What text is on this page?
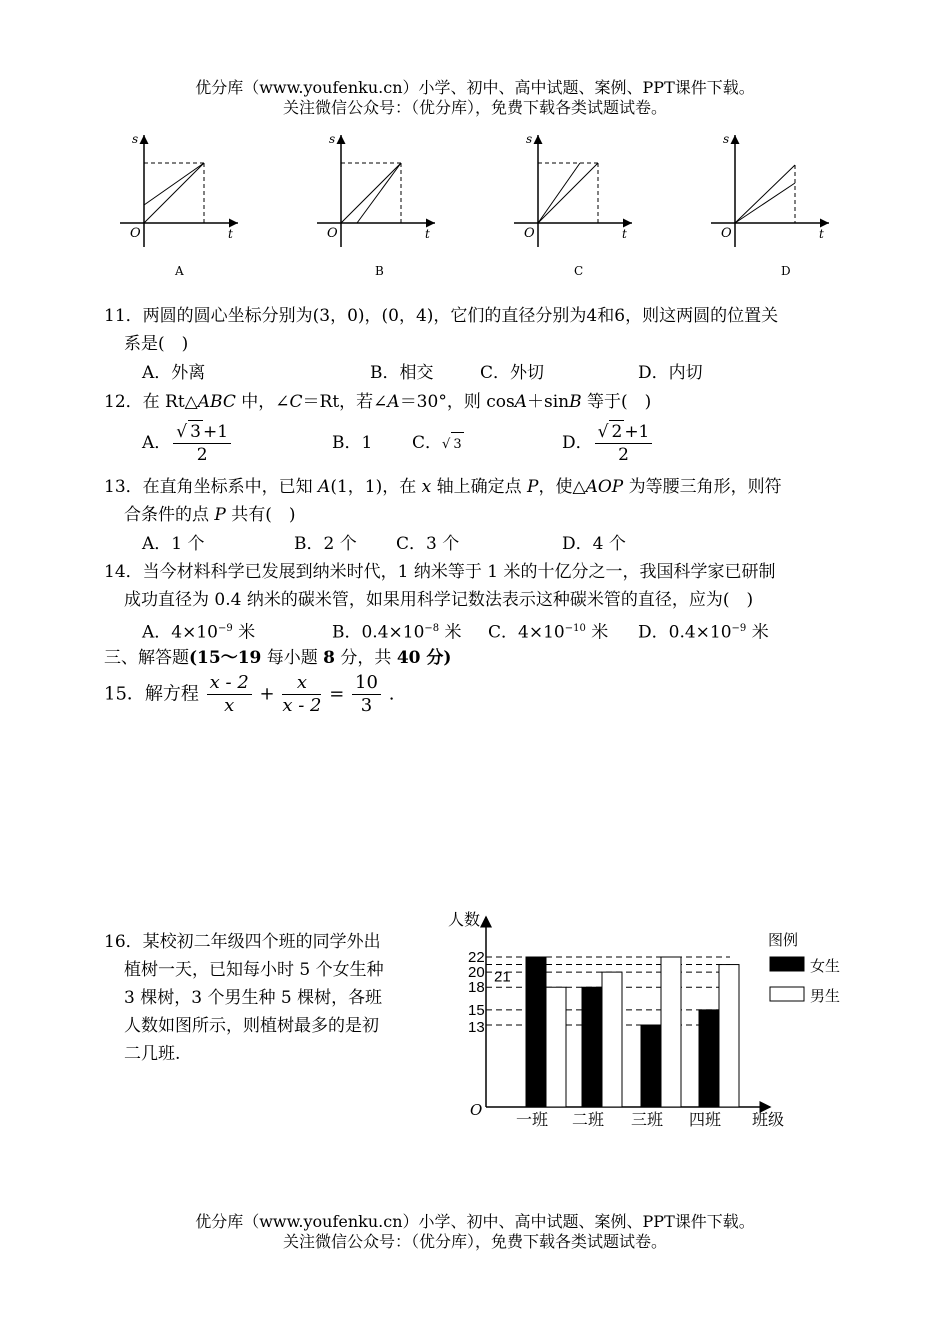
优分库（www.youfenku.cn）小学、初中、高中试题、案例、PPT课件下载。
关注微信公众号：（优分库），免费下载各类试题试卷。
s
t
O
A
s
t
O
B
s
t
O
C
s
t
O
D
11．两圆的圆心坐标分别为(3，0)，(0，4)，它们的直径分别为4和6，则这两圆的位置关
系是(　)
A．外离	B．相交	C．外切	D．内切
12．在 Rt△ABC 中，∠C＝Rt，若∠A＝30°，则 cosA＋sinB 等于(　)
A． $\frac{√ 3 +1}{2}$	B．1 C．√ 3	D． $\frac{√ 2 +1}{2}$
13．在直角坐标系中，已知 A(1，1)，在 x 轴上确定点 P，使△AOP 为等腰三角形，则符
合条件的点 P 共有(　)
A．1 个	B．2 个 C．3 个	D．4 个
14．当今材料科学已发展到纳米时代，1 纳米等于 1 米的十亿分之一，我国科学家已研制
成功直径为 0.4 纳米的碳米管，如果用科学记数法表示这种碳米管的直径，应为(　)
A．$4\times 10^{-9}$ 米	B．$0.4\times 10^{-8}$ 米 C．$4\times 10^{-10}$ 米 D．$0.4\times 10^{-9}$ 米
三、解答题(15～19 每小题 8 分，共 40 分)
15．解方程 $\frac{x - 2}{x} + \frac{x}{x - 2} = \frac{10}{3}$ .
16．某校初二年级四个班的同学外出
植树一天，已知每小时 5 个女生种
3 棵树，3 个男生种 5 棵树，各班
人数如图所示，则植树最多的是初
二几班.
人数
班级
O
22
21
20
18
15
13
一班 二班 三班 四班
图例
女生
男生
优分库（www.youfenku.cn）小学、初中、高中试题、案例、PPT课件下载。
关注微信公众号：（优分库），免费下载各类试题试卷。
